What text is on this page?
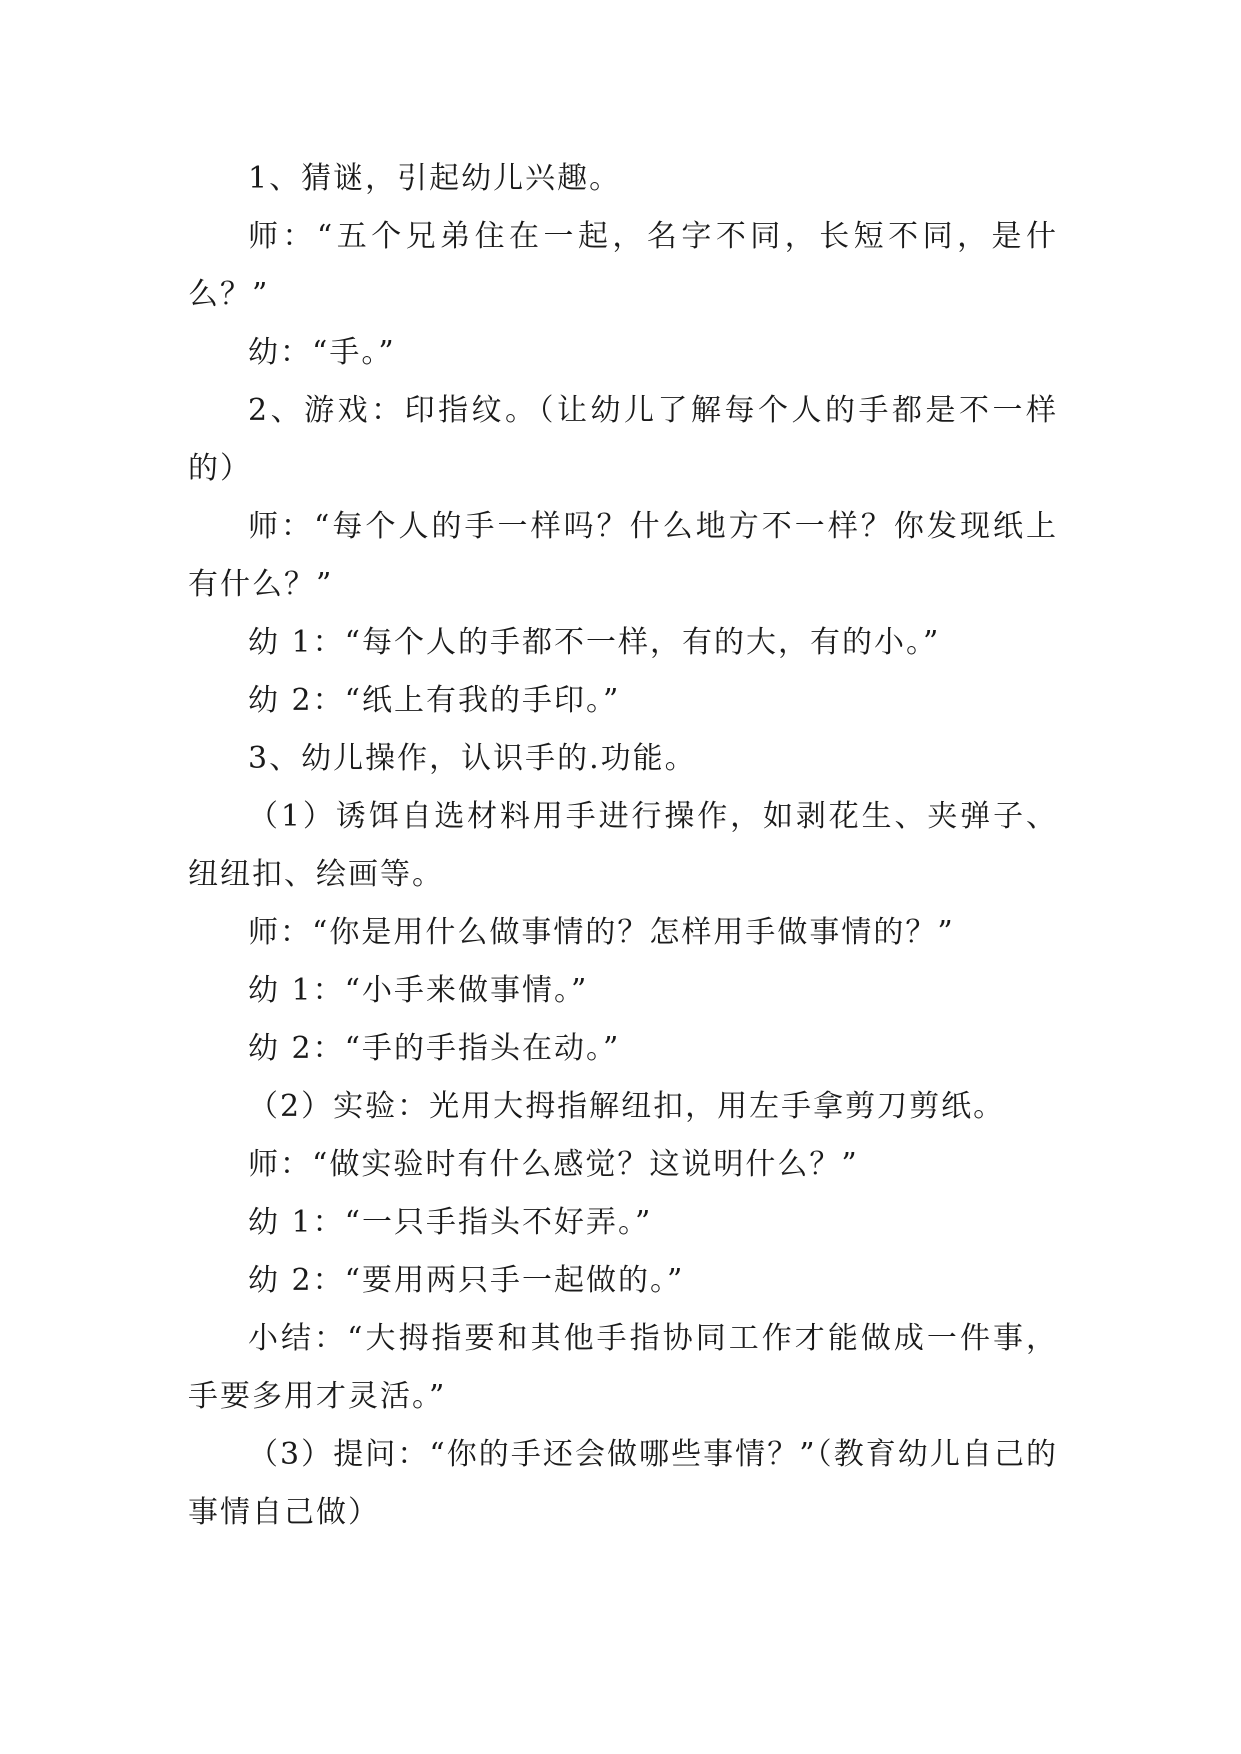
1、猜谜，引起幼儿兴趣。

师：“五个兄弟住在一起，名字不同，长短不同，是什么？”

幼：“手。”

2、游戏：印指纹。（让幼儿了解每个人的手都是不一样的）

师：“每个人的手一样吗？什么地方不一样？你发现纸上有什么？”

幼 1：“每个人的手都不一样，有的大，有的小。”

幼 2：“纸上有我的手印。”

3、幼儿操作，认识手的.功能。

（1）诱饵自选材料用手进行操作，如剥花生、夹弹子、纽纽扣、绘画等。

师：“你是用什么做事情的？怎样用手做事情的？”

幼 1：“小手来做事情。”

幼 2：“手的手指头在动。”

（2）实验：光用大拇指解纽扣，用左手拿剪刀剪纸。

师：“做实验时有什么感觉？这说明什么？”

幼 1：“一只手指头不好弄。”

幼 2：“要用两只手一起做的。”

小结：“大拇指要和其他手指协同工作才能做成一件事，手要多用才灵活。”

（3）提问：“你的手还会做哪些事情？”（教育幼儿自己的事情自己做）
